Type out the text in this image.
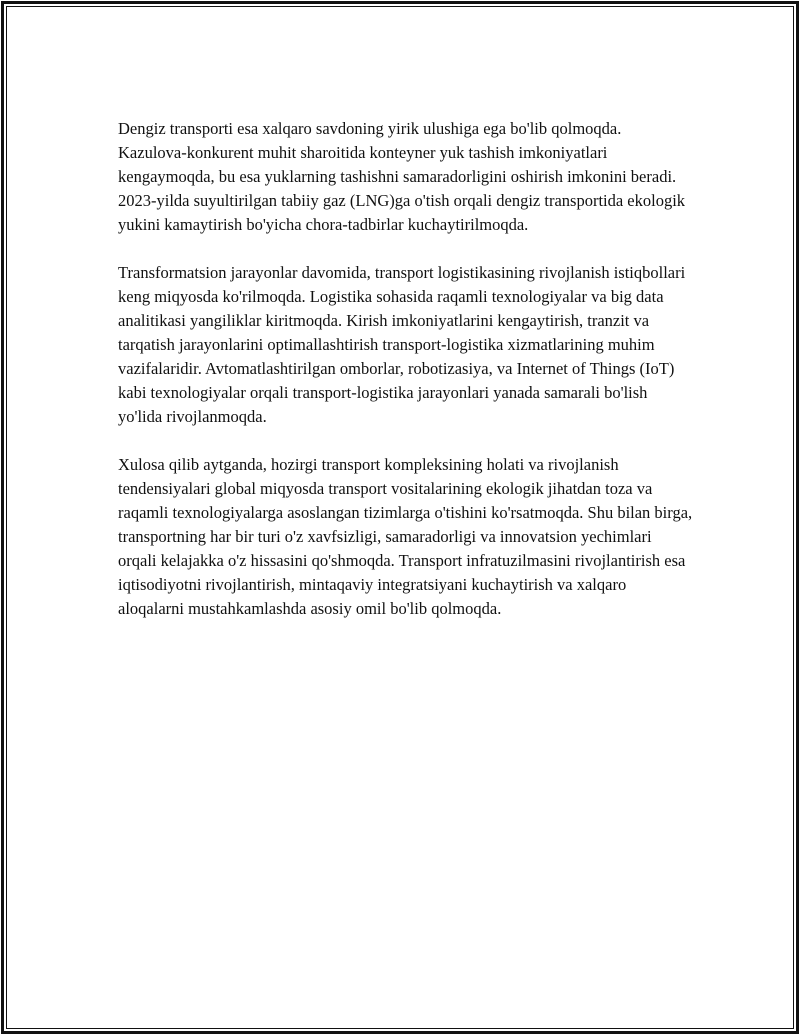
Dengiz transporti esa xalqaro savdoning yirik ulushiga ega bo'lib qolmoqda. Kazulova-konkurent muhit sharoitida konteyner yuk tashish imkoniyatlari kengaymoqda, bu esa yuklarning tashishni samaradorligini oshirish imkonini beradi. 2023-yilda suyultirilgan tabiiy gaz (LNG)ga o'tish orqali dengiz transportida ekologik yukini kamaytirish bo'yicha chora-tadbirlar kuchaytirilmoqda.

Transformatsion jarayonlar davomida, transport logistikasining rivojlanish istiqbollari keng miqyosda ko'rilmoqda. Logistika sohasida raqamli texnologiyalar va big data analitikasi yangiliklar kiritmoqda. Kirish imkoniyatlarini kengaytirish, tranzit va tarqatish jarayonlarini optimallashtirish transport-logistika xizmatlarining muhim vazifalaridir. Avtomatlashtirilgan omborlar, robotizasiya, va Internet of Things (IoT) kabi texnologiyalar orqali transport-logistika jarayonlari yanada samarali bo'lish yo'lida rivojlanmoqda.

Xulosa qilib aytganda, hozirgi transport kompleksining holati va rivojlanish tendensiyalari global miqyosda transport vositalarining ekologik jihatdan toza va raqamli texnologiyalarga asoslangan tizimlarga o'tishini ko'rsatmoqda. Shu bilan birga, transportning har bir turi o'z xavfsizligi, samaradorligi va innovatsion yechimlari orqali kelajakka o'z hissasini qo'shmoqda. Transport infratuzilmasini rivojlantirish esa iqtisodiyotni rivojlantirish, mintaqaviy integratsiyani kuchaytirish va xalqaro aloqalarni mustahkamlashda asosiy omil bo'lib qolmoqda.
